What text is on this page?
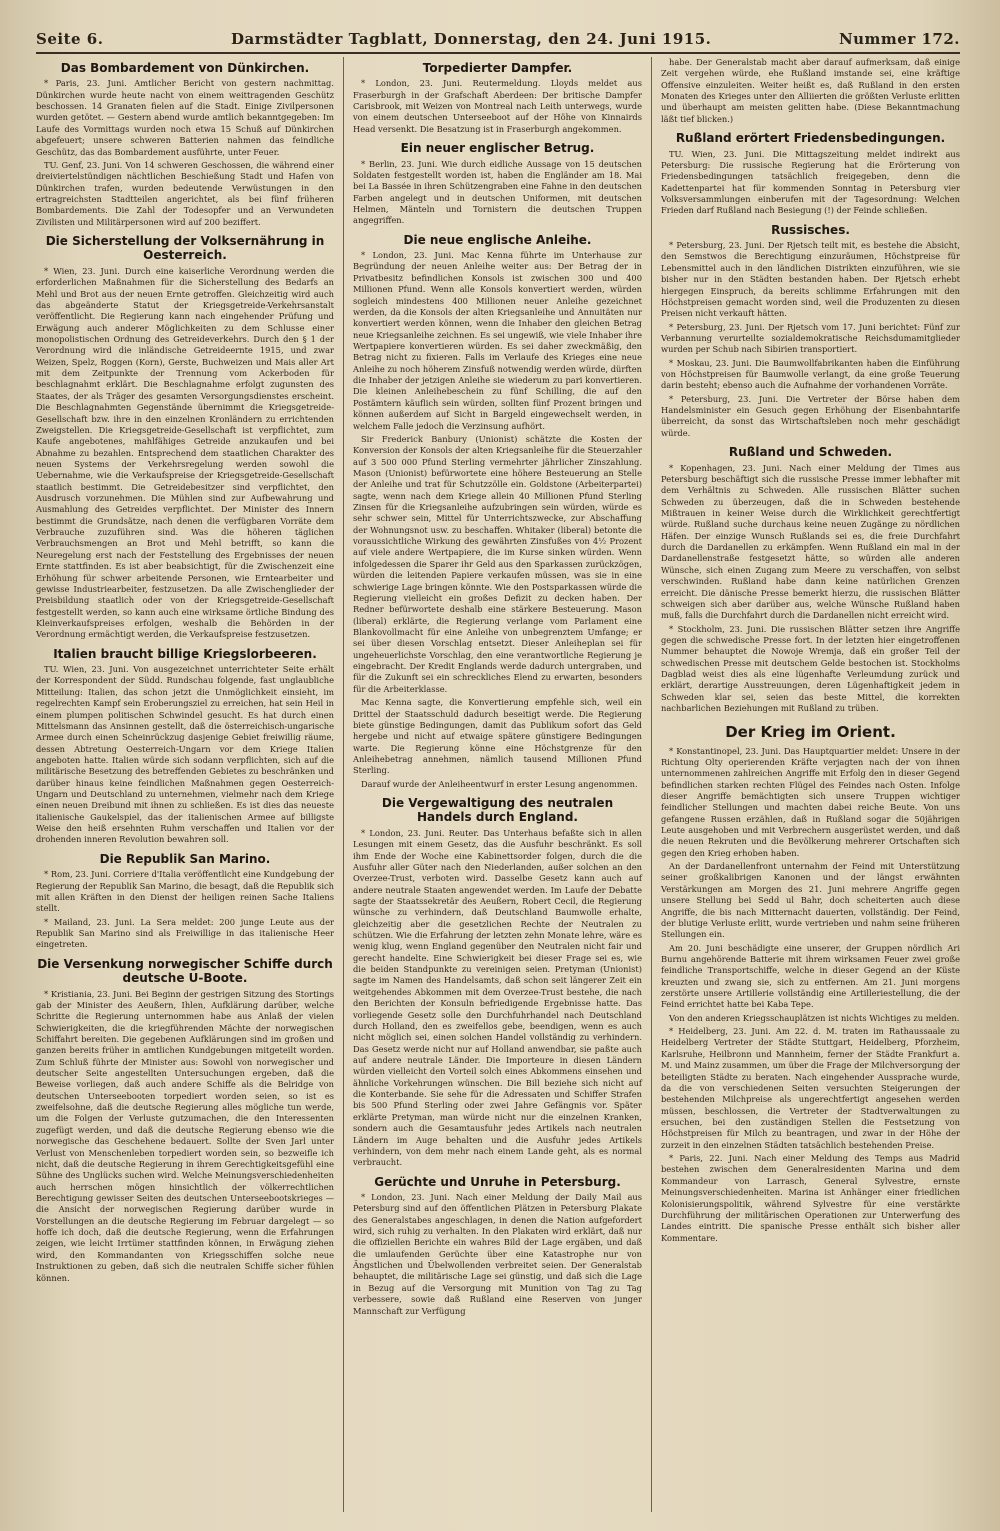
Seite 6.	Darmstädter Tagblatt, Donnerstag, den 24. Juni 1915.	Nummer 172.
Das Bombardement von Dünkirchen.

* Paris, 23. Juni. Amtlicher Bericht von gestern nachmittag. Dünkirchen wurde heute nacht von einem weittragenden Geschütz beschossen. 14 Granaten fielen auf die Stadt. Einige Zivilpersonen wurden getötet. — Gestern abend wurde amtlich bekanntgegeben: Im Laufe des Vormittags wurden noch etwa 15 Schuß auf Dünkirchen abgefeuert; unsere schweren Batterien nahmen das feindliche Geschütz, das das Bombardement ausführte, unter Feuer.

TU. Genf, 23. Juni. Von 14 schweren Geschossen, die während einer dreiviertelstündigen nächtlichen Beschießung Stadt und Hafen von Dünkirchen trafen, wurden bedeutende Verwüstungen in den ertragreichsten Stadtteilen angerichtet, als bei fünf früheren Bombardements. Die Zahl der Todesopfer und an Verwundeten Zivilisten und Militärpersonen wird auf 200 beziffert.

Die Sicherstellung der Volksernährung in Oesterreich.

* Wien, 23. Juni. Durch eine kaiserliche Verordnung werden die erforderlichen Maßnahmen für die Sicherstellung des Bedarfs an Mehl und Brot aus der neuen Ernte getroffen. Gleichzeitig wird auch das abgeänderte Statut der Kriegsgetreide-Verkehrsanstalt veröffentlicht. Die Regierung kann nach eingehender Prüfung und Erwägung auch anderer Möglichkeiten zu dem Schlusse einer monopolistischen Ordnung des Getreideverkehrs. Durch den § 1 der Verordnung wird die inländische Getreideernte 1915, und zwar Weizen, Spelz, Roggen (Korn), Gerste, Buchweizen und Mais aller Art mit dem Zeitpunkte der Trennung vom Ackerboden für beschlagnahmt erklärt. Die Beschlagnahme erfolgt zugunsten des Staates, der als Träger des gesamten Versorgungsdienstes erscheint. Die Beschlagnahmten Gegenstände übernimmt die Kriegsgetreide-Gesellschaft bzw. ihre in den einzelnen Kronländern zu errichtenden Zweigstellen. Die Kriegsgetreide-Gesellschaft ist verpflichtet, zum Kaufe angebotenes, mahlfähiges Getreide anzukaufen und bei Abnahme zu bezahlen. Entsprechend dem staatlichen Charakter des neuen Systems der Verkehrsregelung werden sowohl die Uebernahme, wie die Verkaufspreise der Kriegsgetreide-Gesellschaft staatlich bestimmt. Die Getreidebesitzer sind verpflichtet, den Ausdrusch vorzunehmen. Die Mühlen sind zur Aufbewahrung und Ausmahlung des Getreides verpflichtet. Der Minister des Innern bestimmt die Grundsätze, nach denen die verfügbaren Vorräte dem Verbrauche zuzuführen sind. Was die höheren täglichen Verbrauchsmengen an Brot und Mehl betrifft, so kann die Neuregelung erst nach der Feststellung des Ergebnisses der neuen Ernte stattfinden. Es ist aber beabsichtigt, für die Zwischenzeit eine Erhöhung für schwer arbeitende Personen, wie Erntearbeiter und gewisse Industriearbeiter, festzusetzen. Da alle Zwischenglieder der Preisbildung staatlich oder von der Kriegsgetreide-Gesellschaft festgestellt werden, so kann auch eine wirksame örtliche Bindung des Kleinverkaufspreises erfolgen, weshalb die Behörden in der Verordnung ermächtigt werden, die Verkaufspreise festzusetzen.

Italien braucht billige Kriegslorbeeren.

TU. Wien, 23. Juni. Von ausgezeichnet unterrichteter Seite erhält der Korrespondent der Südd. Rundschau folgende, fast unglaubliche Mitteilung: Italien, das schon jetzt die Unmöglichkeit einsieht, im regelrechten Kampf sein Eroberungsziel zu erreichen, hat sein Heil in einem plumpen politischen Schwindel gesucht. Es hat durch einen Mittelsmann das Ansinnen gestellt, daß die österreichisch-ungarische Armee durch einen Scheinrückzug dasjenige Gebiet freiwillig räume, dessen Abtretung Oesterreich-Ungarn vor dem Kriege Italien angeboten hatte. Italien würde sich sodann verpflichten, sich auf die militärische Besetzung des betreffenden Gebietes zu beschränken und darüber hinaus keine feindlichen Maßnahmen gegen Oesterreich-Ungarn und Deutschland zu unternehmen, vielmehr nach dem Kriege einen neuen Dreibund mit ihnen zu schließen. Es ist dies das neueste italienische Gaukelspiel, das der italienischen Armee auf billigste Weise den heiß ersehnten Ruhm verschaffen und Italien vor der drohenden inneren Revolution bewahren soll.

Die Republik San Marino.

* Rom, 23. Juni. Corriere d'Italia veröffentlicht eine Kundgebung der Regierung der Republik San Marino, die besagt, daß die Republik sich mit allen Kräften in den Dienst der heiligen reinen Sache Italiens stellt.

* Mailand, 23. Juni. La Sera meldet: 200 junge Leute aus der Republik San Marino sind als Freiwillige in das italienische Heer eingetreten.

Die Versenkung norwegischer Schiffe durch deutsche U-Boote.

* Kristiania, 23. Juni. Bei Beginn der gestrigen Sitzung des Stortings gab der Minister des Aeußern, Ihlen, Aufklärung darüber, welche Schritte die Regierung unternommen habe aus Anlaß der vielen Schwierigkeiten, die die kriegführenden Mächte der norwegischen Schiffahrt bereiten. Die gegebenen Aufklärungen sind im großen und ganzen bereits früher in amtlichen Kundgebungen mitgeteilt worden. Zum Schluß führte der Minister aus: Sowohl von norwegischer und deutscher Seite angestellten Untersuchungen ergeben, daß die Beweise vorliegen, daß auch andere Schiffe als die Belridge von deutschen Unterseebooten torpediert worden seien, so ist es zweifelsohne, daß die deutsche Regierung alles mögliche tun werde, um die Folgen der Verluste gutzumachen, die den Interessenten zugefügt werden, und daß die deutsche Regierung ebenso wie die norwegische das Geschehene bedauert. Sollte der Sven Jarl unter Verlust von Menschenleben torpediert worden sein, so bezweifle ich nicht, daß die deutsche Regierung in ihrem Gerechtigkeitsgefühl eine Sühne des Unglücks suchen wird. Welche Meinungsverschiedenheiten auch herrschen mögen hinsichtlich der völkerrechtlichen Berechtigung gewisser Seiten des deutschen Unterseebootskrieges — die Ansicht der norwegischen Regierung darüber wurde in Vorstellungen an die deutsche Regierung im Februar dargelegt — so hoffe ich doch, daß die deutsche Regierung, wenn die Erfahrungen zeigen, wie leicht Irrtümer stattfinden können, in Erwägung ziehen wird, den Kommandanten von Kriegsschiffen solche neue Instruktionen zu geben, daß sich die neutralen Schiffe sicher fühlen können.

Torpedierter Dampfer.

* London, 23. Juni. Reutermeldung. Lloyds meldet aus Fraserburgh in der Grafschaft Aberdeen: Der britische Dampfer Carisbrook, mit Weizen von Montreal nach Leith unterwegs, wurde von einem deutschen Unterseeboot auf der Höhe von Kinnairds Head versenkt. Die Besatzung ist in Fraserburgh angekommen.

Ein neuer englischer Betrug.

* Berlin, 23. Juni. Wie durch eidliche Aussage von 15 deutschen Soldaten festgestellt worden ist, haben die Engländer am 18. Mai bei La Bassée in ihren Schützengraben eine Fahne in den deutschen Farben angelegt und in deutschen Uniformen, mit deutschen Helmen, Mänteln und Tornistern die deutschen Truppen angegriffen.

Die neue englische Anleihe.

* London, 23. Juni. Mac Kenna führte im Unterhause zur Begründung der neuen Anleihe weiter aus: Der Betrag der in Privatbesitz befindlichen Konsols ist zwischen 300 und 400 Millionen Pfund. Wenn alle Konsols konvertiert werden, würden sogleich mindestens 400 Millionen neuer Anleihe gezeichnet werden, da die Konsols der alten Kriegsanleihe und Annuitäten nur konvertiert werden können, wenn die Inhaber den gleichen Betrag neue Kriegsanleihe zeichnen. Es sei ungewiß, wie viele Inhaber ihre Wertpapiere konvertieren würden. Es sei daher zweckmäßig, den Betrag nicht zu fixieren. Falls im Verlaufe des Krieges eine neue Anleihe zu noch höherem Zinsfuß notwendig werden würde, dürften die Inhaber der jetzigen Anleihe sie wiederum zu pari konvertieren. Die kleinen Anleihebeschein zu fünf Schilling, die auf den Postämtern käuflich sein würden, sollten fünf Prozent bringen und können außerdem auf Sicht in Bargeld eingewechselt werden, in welchem Falle jedoch die Verzinsung aufhört.

Sir Frederick Banbury (Unionist) schätzte die Kosten der Konversion der Konsols der alten Kriegsanleihe für die Steuerzahler auf 3 500 000 Pfund Sterling vermehrter jährlicher Zinszahlung. Mason (Unionist) befürwortete eine höhere Besteuerung an Stelle der Anleihe und trat für Schutzzölle ein. Goldstone (Arbeiterpartei) sagte, wenn nach dem Kriege allein 40 Millionen Pfund Sterling Zinsen für die Kriegsanleihe aufzubringen sein würden, würde es sehr schwer sein, Mittel für Unterrichtszwecke, zur Abschaffung der Wohnungsnot usw. zu beschaffen. Whitaker (liberal) betonte die voraussichtliche Wirkung des gewährten Zinsfußes von 4½ Prozent auf viele andere Wertpapiere, die im Kurse sinken würden. Wenn infolgedessen die Sparer ihr Geld aus den Sparkassen zurückzögen, würden die leitenden Papiere verkaufen müssen, was sie in eine schwierige Lage bringen könnte. Wie den Postsparkassen würde die Regierung vielleicht ein großes Defizit zu decken haben. Der Redner befürwortete deshalb eine stärkere Besteuerung. Mason (liberal) erklärte, die Regierung verlange vom Parlament eine Blankovollmacht für eine Anleihe von unbegrenztem Umfange; er sei über diesen Vorschlag entsetzt. Dieser Anleiheplan sei für ungeheuerlichste Vorschlag, den eine verantwortliche Regierung je eingebracht. Der Kredit Englands werde dadurch untergraben, und für die Zukunft sei ein schreckliches Elend zu erwarten, besonders für die Arbeiterklasse.

Mac Kenna sagte, die Konvertierung empfehle sich, weil ein Drittel der Staatsschuld dadurch beseitigt werde. Die Regierung biete günstige Bedingungen, damit das Publikum sofort das Geld hergebe und nicht auf etwaige spätere günstigere Bedingungen warte. Die Regierung könne eine Höchstgrenze für den Anleihebetrag annehmen, nämlich tausend Millionen Pfund Sterling.

Darauf wurde der Anleiheentwurf in erster Lesung angenommen.

Die Vergewaltigung des neutralen Handels durch England.

* London, 23. Juni. Reuter. Das Unterhaus befaßte sich in allen Lesungen mit einem Gesetz, das die Ausfuhr beschränkt. Es soll ihm Ende der Woche eine Kabinettsorder folgen, durch die die Ausfuhr aller Güter nach den Niederlanden, außer solchen an den Overzee-Trust, verboten wird. Dasselbe Gesetz kann auch auf andere neutrale Staaten angewendet werden. Im Laufe der Debatte sagte der Staatssekretär des Aeußern, Robert Cecil, die Regierung wünsche zu verhindern, daß Deutschland Baumwolle erhalte, gleichzeitig aber die gesetzlichen Rechte der Neutralen zu schützen. Wie die Erfahrung der letzten zehn Monate lehre, wäre es wenig klug, wenn England gegenüber den Neutralen nicht fair und gerecht handelte. Eine Schwierigkeit bei dieser Frage sei es, wie die beiden Standpunkte zu vereinigen seien. Pretyman (Unionist) sagte im Namen des Handelsamts, daß schon seit längerer Zeit ein weitgehendes Abkommen mit dem Overzee-Trust bestehe, die nach den Berichten der Konsuln befriedigende Ergebnisse hatte. Das vorliegende Gesetz solle den Durchfuhrhandel nach Deutschland durch Holland, den es zweifellos gebe, beendigen, wenn es auch nicht möglich sei, einen solchen Handel vollständig zu verhindern. Das Gesetz werde nicht nur auf Holland anwendbar, sie paßte auch auf andere neutrale Länder. Die Importeure in diesen Ländern würden vielleicht den Vorteil solch eines Abkommens einsehen und ähnliche Vorkehrungen wünschen. Die Bill beziehe sich nicht auf die Konterbande. Sie sehe für die Adressaten und Schiffer Strafen bis 500 Pfund Sterling oder zwei Jahre Gefängnis vor. Später erklärte Pretyman, man würde nicht nur die einzelnen Kranken, sondern auch die Gesamtausfuhr jedes Artikels nach neutralen Ländern im Auge behalten und die Ausfuhr jedes Artikels verhindern, von dem mehr nach einem Lande geht, als es normal verbraucht.

Gerüchte und Unruhe in Petersburg.

* London, 23. Juni. Nach einer Meldung der Daily Mail aus Petersburg sind auf den öffentlichen Plätzen in Petersburg Plakate des Generalstabes angeschlagen, in denen die Nation aufgefordert wird, sich ruhig zu verhalten. In den Plakaten wird erklärt, daß nur die offiziellen Berichte ein wahres Bild der Lage ergäben, und daß die umlaufenden Gerüchte über eine Katastrophe nur von Ängstlichen und Übelwollenden verbreitet seien. Der Generalstab behauptet, die militärische Lage sei günstig, und daß sich die Lage in Bezug auf die Versorgung mit Munition von Tag zu Tag verbessere, sowie daß Rußland eine Reserven von junger Mannschaft zur Verfügung

habe. Der Generalstab macht aber darauf aufmerksam, daß einige Zeit vergehen würde, ehe Rußland imstande sei, eine kräftige Offensive einzuleiten. Weiter heißt es, daß Rußland in den ersten Monaten des Krieges unter den Alliierten die größten Verluste erlitten und überhaupt am meisten gelitten habe. (Diese Bekanntmachung läßt tief blicken.)

Rußland erörtert Friedensbedingungen.

TU. Wien, 23. Juni. Die Mittagszeitung meldet indirekt aus Petersburg: Die russische Regierung hat die Erörterung von Friedensbedingungen tatsächlich freigegeben, denn die Kadettenpartei hat für kommenden Sonntag in Petersburg vier Volksversammlungen einberufen mit der Tagesordnung: Welchen Frieden darf Rußland nach Besiegung (!) der Feinde schließen.

Russisches.

* Petersburg, 23. Juni. Der Rjetsch teilt mit, es bestehe die Absicht, den Semstwos die Berechtigung einzuräumen, Höchstpreise für Lebensmittel auch in den ländlichen Distrikten einzuführen, wie sie bisher nur in den Städten bestanden haben. Der Rjetsch erhebt hiergegen Einspruch, da bereits schlimme Erfahrungen mit den Höchstpreisen gemacht worden sind, weil die Produzenten zu diesen Preisen nicht verkauft hätten.

* Petersburg, 23. Juni. Der Rjetsch vom 17. Juni berichtet: Fünf zur Verbannung verurteilte sozialdemokratische Reichsdumamitglieder wurden per Schub nach Sibirien transportiert.

* Moskau, 23. Juni. Die Baumwollfabrikanten haben die Einführung von Höchstpreisen für Baumwolle verlangt, da eine große Teuerung darin besteht; ebenso auch die Aufnahme der vorhandenen Vorräte.

* Petersburg, 23. Juni. Die Vertreter der Börse haben dem Handelsminister ein Gesuch gegen Erhöhung der Eisenbahntarife überreicht, da sonst das Wirtschaftsleben noch mehr geschädigt würde.

Rußland und Schweden.

* Kopenhagen, 23. Juni. Nach einer Meldung der Times aus Petersburg beschäftigt sich die russische Presse immer lebhafter mit dem Verhältnis zu Schweden. Alle russischen Blätter suchen Schweden zu überzeugen, daß die in Schweden bestehende Mißtrauen in keiner Weise durch die Wirklichkeit gerechtfertigt würde. Rußland suche durchaus keine neuen Zugänge zu nördlichen Häfen. Der einzige Wunsch Rußlands sei es, die freie Durchfahrt durch die Dardanellen zu erkämpfen. Wenn Rußland ein mal in der Dardanellenstraße festgesetzt hätte, so würden alle anderen Wünsche, sich einen Zugang zum Meere zu verschaffen, von selbst verschwinden. Rußland habe dann keine natürlichen Grenzen erreicht. Die dänische Presse bemerkt hierzu, die russischen Blätter schweigen sich aber darüber aus, welche Wünsche Rußland haben muß, falls die Durchfahrt durch die Dardanellen nicht erreicht wird.

* Stockholm, 23. Juni. Die russischen Blätter setzen ihre Angriffe gegen die schwedische Presse fort. In der letzten hier eingetroffenen Nummer behauptet die Nowoje Wremja, daß ein großer Teil der schwedischen Presse mit deutschem Gelde bestochen ist. Stockholms Dagblad weist dies als eine lügenhafte Verleumdung zurück und erklärt, derartige Ausstreuungen, deren Lügenhaftigkeit jedem in Schweden klar sei, seien das beste Mittel, die korrekten nachbarlichen Beziehungen mit Rußland zu trüben.

Der Krieg im Orient.

* Konstantinopel, 23. Juni. Das Hauptquartier meldet: Unsere in der Richtung Olty operierenden Kräfte verjagten nach der von ihnen unternommenen zahlreichen Angriffe mit Erfolg den in dieser Gegend befindlichen starken rechten Flügel des Feindes nach Osten. Infolge dieser Angriffe bemächtigten sich unsere Truppen wichtiger feindlicher Stellungen und machten dabei reiche Beute. Von uns gefangene Russen erzählen, daß in Rußland sogar die 50jährigen Leute ausgehoben und mit Verbrechern ausgerüstet werden, und daß die neuen Rekruten und die Bevölkerung mehrerer Ortschaften sich gegen den Krieg erhoben haben.

An der Dardanellenfront unternahm der Feind mit Unterstützung seiner großkalibrigen Kanonen und der längst erwähnten Verstärkungen am Morgen des 21. Juni mehrere Angriffe gegen unsere Stellung bei Sedd ul Bahr, doch scheiterten auch diese Angriffe, die bis nach Mitternacht dauerten, vollständig. Der Feind, der blutige Verluste erlitt, wurde vertrieben und nahm seine früheren Stellungen ein.

Am 20. Juni beschädigte eine unserer, der Gruppen nördlich Ari Burnu angehörende Batterie mit ihrem wirksamen Feuer zwei große feindliche Transportschiffe, welche in dieser Gegend an der Küste kreuzten und zwang sie, sich zu entfernen. Am 21. Juni morgens zerstörte unsere Artillerie vollständig eine Artilleriestellung, die der Feind errichtet hatte bei Kaba Tepe.

Von den anderen Kriegsschauplätzen ist nichts Wichtiges zu melden.

* Heidelberg, 23. Juni. Am 22. d. M. traten im Rathaussaale zu Heidelberg Vertreter der Städte Stuttgart, Heidelberg, Pforzheim, Karlsruhe, Heilbronn und Mannheim, ferner der Städte Frankfurt a. M. und Mainz zusammen, um über die Frage der Milchversorgung der beteiligten Städte zu beraten. Nach eingehender Aussprache wurde, da die von verschiedenen Seiten versuchten Steigerungen der bestehenden Milchpreise als ungerechtfertigt angesehen werden müssen, beschlossen, die Vertreter der Stadtverwaltungen zu ersuchen, bei den zuständigen Stellen die Festsetzung von Höchstpreisen für Milch zu beantragen, und zwar in der Höhe der zurzeit in den einzelnen Städten tatsächlich bestehenden Preise.

* Paris, 22. Juni. Nach einer Meldung des Temps aus Madrid bestehen zwischen dem Generalresidenten Marina und dem Kommandeur von Larrasch, General Sylvestre, ernste Meinungsverschiedenheiten. Marina ist Anhänger einer friedlichen Kolonisierungspolitik, während Sylvestre für eine verstärkte Durchführung der militärischen Operationen zur Unterwerfung des Landes eintritt. Die spanische Presse enthält sich bisher aller Kommentare.
